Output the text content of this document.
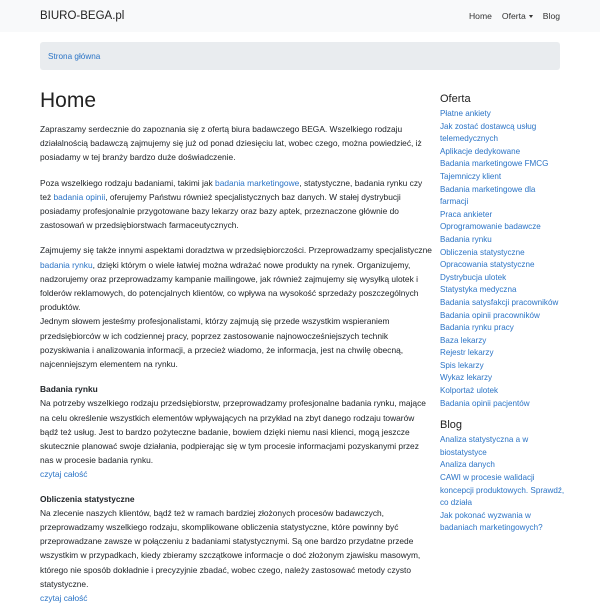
BIURO-BEGA.pl	Home Oferta	Blog
Strona główna
Home

Zapraszamy serdecznie do zapoznania się z ofertą biura badawczego BEGA. Wszelkiego rodzaju działalnością badawczą zajmujemy się już od ponad dziesięciu lat, wobec czego, można powiedzieć, iż posiadamy w tej branży bardzo duże doświadczenie.

Poza wszelkiego rodzaju badaniami, takimi jak badania marketingowe, statystyczne, badania rynku czy też badania opinii, oferujemy Państwu również specjalistycznych baz danych. W stałej dystrybucji posiadamy profesjonalnie przygotowane bazy lekarzy oraz bazy aptek, przeznaczone głównie do zastosowań w przedsiębiorstwach farmaceutycznych.

Zajmujemy się także innymi aspektami doradztwa w przedsiębiorczości. Przeprowadzamy specjalistyczne badania rynku, dzięki którym o wiele łatwiej można wdrażać nowe produkty na rynek. Organizujemy, nadzorujemy oraz przeprowadzamy kampanie mailingowe, jak również zajmujemy się wysyłką ulotek i folderów reklamowych, do potencjalnych klientów, co wpływa na wysokość sprzedaży poszczególnych produktów.
Jednym słowem jesteśmy profesjonalistami, którzy zajmują się przede wszystkim wspieraniem przedsiębiorców w ich codziennej pracy, poprzez zastosowanie najnowocześniejszych technik pozyskiwania i analizowania informacji, a przecież wiadomo, że informacja, jest na chwilę obecną, najcenniejszym elementem na rynku.

Badania rynku
Na potrzeby wszelkiego rodzaju przedsiębiorstw, przeprowadzamy profesjonalne badania rynku, mające na celu określenie wszystkich elementów wpływających na przykład na zbyt danego rodzaju towarów bądź też usług. Jest to bardzo pożyteczne badanie, bowiem dzięki niemu nasi klienci, mogą jeszcze skutecznie planować swoje działania, podpierając się w tym procesie informacjami pozyskanymi przez nas w procesie badania rynku.
czytaj całość
Obliczenia statystyczne
Na zlecenie naszych klientów, bądź też w ramach bardziej złożonych procesów badawczych, przeprowadzamy wszelkiego rodzaju, skomplikowane obliczenia statystyczne, które powinny być przeprowadzane zawsze w połączeniu z badaniami statystycznymi. Są one bardzo przydatne przede wszystkim w przypadkach, kiedy zbieramy szczątkowe informacje o doć złożonym zjawisku masowym, którego nie sposób dokładnie i precyzyjnie zbadać, wobec czego, należy zastosować metody czysto statystyczne.
czytaj całość
Oferta
Płatne ankiety
Jak zostać dostawcą usług telemedycznych
Aplikacje dedykowane
Badania marketingowe FMCG
Tajemniczy klient
Badania marketingowe dla farmacji
Praca ankieter
Oprogramowanie badawcze
Badania rynku
Obliczenia statystyczne
Opracowania statystyczne
Dystrybucja ulotek
Statystyka medyczna
Badania satysfakcji pracowników
Badania opinii pracowników
Badania rynku pracy
Baza lekarzy
Rejestr lekarzy
Spis lekarzy
Wykaz lekarzy
Kolportaż ulotek
Badania opinii pacjentów
Blog
Analiza statystyczna a w biostatystyce
Analiza danych
CAWI w procesie walidacji koncepcji produktowych. Sprawdź, co działa
Jak pokonać wyzwania w badaniach marketingowych?
